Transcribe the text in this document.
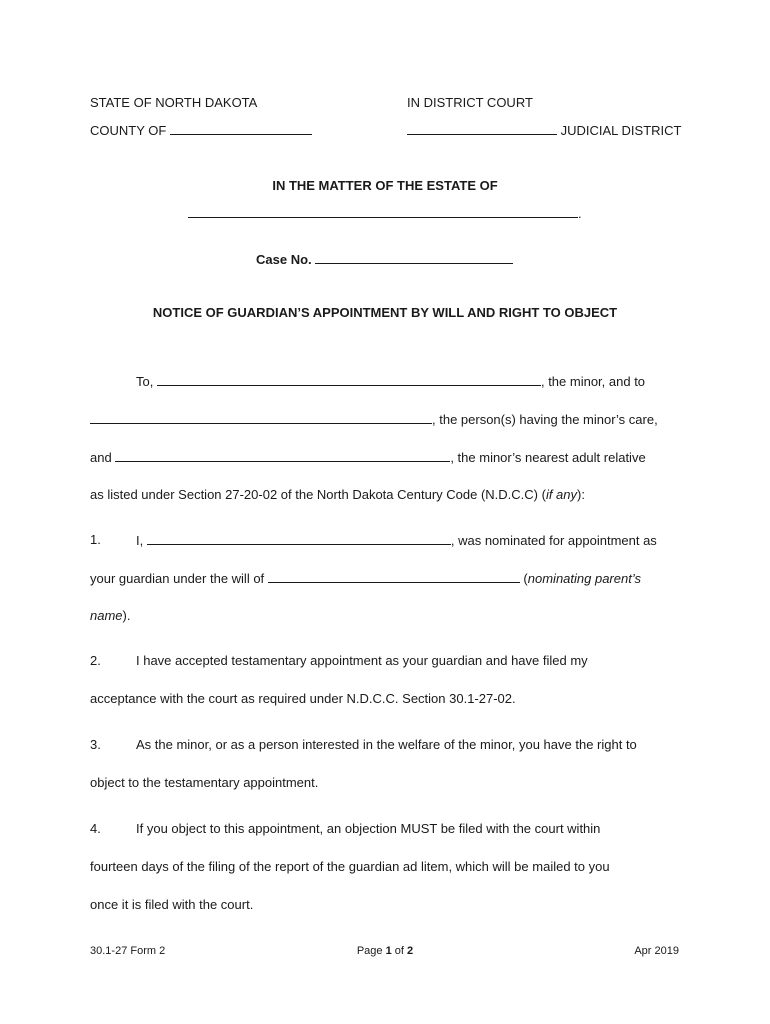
STATE OF NORTH DAKOTA	IN DISTRICT COURT
COUNTY OF	JUDICIAL DISTRICT
IN THE MATTER OF THE ESTATE OF
.
Case No.
NOTICE OF GUARDIAN’S APPOINTMENT BY WILL AND RIGHT TO OBJECT
To,	, the minor, and to
, the person(s) having the minor’s care,
and	, the minor’s nearest adult relative
as listed under Section 27-20-02 of the North Dakota Century Code (N.D.C.C) (if any):
1.	I,	, was nominated for appointment as
your guardian under the will of	(nominating parent’s
name).
2.	I have accepted testamentary appointment as your guardian and have filed my
acceptance with the court as required under N.D.C.C. Section 30.1-27-02.
3.	As the minor, or as a person interested in the welfare of the minor, you have the right to
object to the testamentary appointment.
4.	If you object to this appointment, an objection MUST be filed with the court within
fourteen days of the filing of the report of the guardian ad litem, which will be mailed to you
once it is filed with the court.
30.1-27 Form 2	Page 1 of 2	Apr 2019
